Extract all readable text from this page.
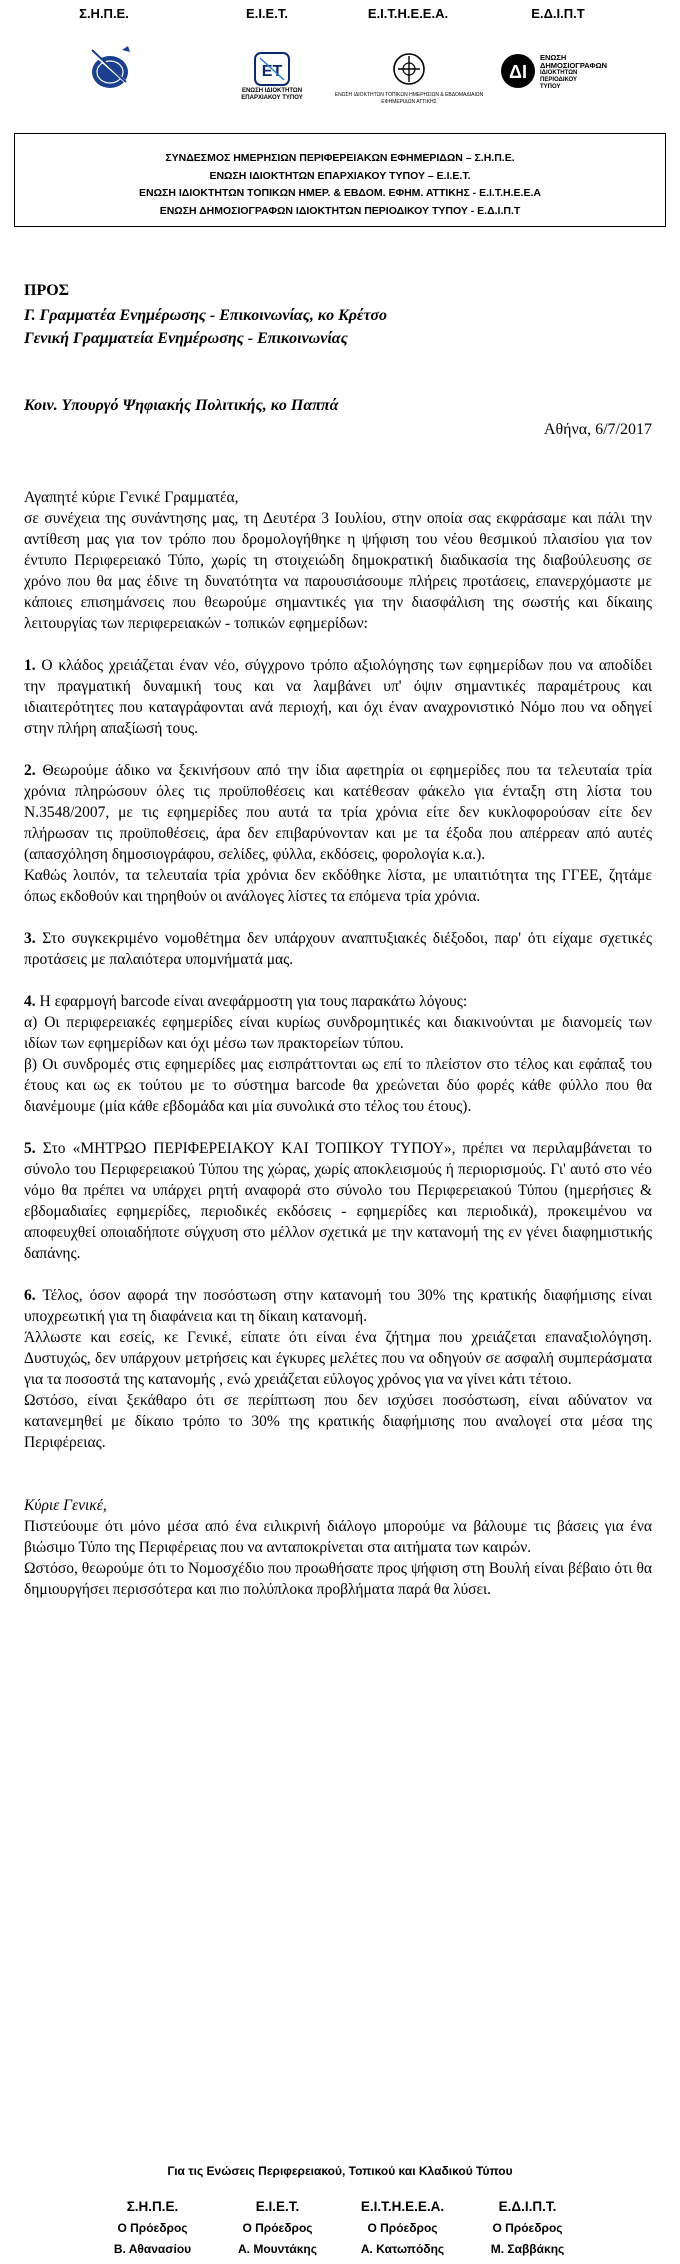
Σ.Η.Π.Ε.	Ε.Ι.Ε.Τ.	Ε.Ι.Τ.Η.Ε.Ε.Α.	Ε.Δ.Ι.Π.Τ
ΕΤ
ΕΝΩΣΗ ΙΔΙΟΚΤΗΤΩΝ
ΕΠΑΡΧΙΑΚΟΥ ΤΥΠΟΥ	ΕΝΩΣΗ ΙΔΙΟΚΤΗΤΩΝ ΤΟΠΙΚΩΝ ΗΜΕΡΗΣΙΩΝ & ΕΒΔΟΜΑΔΙΑΙΩΝ ΕΦΗΜΕΡΙΔΩΝ ΑΤΤΙΚΗΣ
ΔΙ
ΕΝΩΣΗ
ΔΗΜΟΣΙΟΓΡΑΦΩΝ
ΙΔΙΟΚΤΗΤΩΝ
ΠΕΡΙΟΔΙΚΟΥ
ΤΥΠΟΥ
ΣΥΝΔΕΣΜΟΣ ΗΜΕΡΗΣΙΩΝ ΠΕΡΙΦΕΡΕΙΑΚΩΝ ΕΦΗΜΕΡΙΔΩΝ – Σ.Η.Π.Ε.
ΕΝΩΣΗ ΙΔΙΟΚΤΗΤΩΝ ΕΠΑΡΧΙΑΚΟΥ ΤΥΠΟΥ – Ε.Ι.Ε.Τ.
ΕΝΩΣΗ ΙΔΙΟΚΤΗΤΩΝ ΤΟΠΙΚΩΝ ΗΜΕΡ. & ΕΒΔΟΜ. ΕΦΗΜ. ΑΤΤΙΚΗΣ - Ε.Ι.Τ.Η.Ε.Ε.Α
ΕΝΩΣΗ ΔΗΜΟΣΙΟΓΡΑΦΩΝ ΙΔΙΟΚΤΗΤΩΝ ΠΕΡΙΟΔΙΚΟΥ ΤΥΠΟΥ - Ε.Δ.Ι.Π.Τ
ΠΡΟΣ
Γ. Γραμματέα Ενημέρωσης - Επικοινωνίας, κο Κρέτσο
Γενική Γραμματεία Ενημέρωσης - Επικοινωνίας
Κοιν. Υπουργό Ψηφιακής Πολιτικής, κο Παππά
Αθήνα, 6/7/2017

Αγαπητέ κύριε Γενικέ Γραμματέα,

σε συνέχεια της συνάντησης μας, τη Δευτέρα 3 Ιουλίου, στην οποία σας εκφράσαμε και πάλι την αντίθεση μας για τον τρόπο που δρομολογήθηκε η ψήφιση του νέου θεσμικού πλαισίου για τον έντυπο Περιφερειακό Τύπο, χωρίς τη στοιχειώδη δημοκρατική διαδικασία της διαβούλευσης σε χρόνο που θα μας έδινε τη δυνατότητα να παρουσιάσουμε πλήρεις προτάσεις, επανερχόμαστε με κάποιες επισημάνσεις που θεωρούμε σημαντικές για την διασφάλιση της σωστής και δίκαιης λειτουργίας των περιφερειακών - τοπικών εφημερίδων:

1. Ο κλάδος χρειάζεται έναν νέο, σύγχρονο τρόπο αξιολόγησης των εφημερίδων που να αποδίδει την πραγματική δυναμική τους και να λαμβάνει υπ' όψιν σημαντικές παραμέτρους και ιδιαιτερότητες που καταγράφονται ανά περιοχή, και όχι έναν αναχρονιστικό Νόμο που να οδηγεί στην πλήρη απαξίωσή τους.

2. Θεωρούμε άδικο να ξεκινήσουν από την ίδια αφετηρία οι εφημερίδες που τα τελευταία τρία χρόνια πληρώσουν όλες τις προϋποθέσεις και κατέθεσαν φάκελο για ένταξη στη λίστα του Ν.3548/2007, με τις εφημερίδες που αυτά τα τρία χρόνια είτε δεν κυκλοφορούσαν είτε δεν πλήρωσαν τις προϋποθέσεις, άρα δεν επιβαρύνονταν και με τα έξοδα που απέρρεαν από αυτές (απασχόληση δημοσιογράφου, σελίδες, φύλλα, εκδόσεις, φορολογία κ.α.).

Καθώς λοιπόν, τα τελευταία τρία χρόνια δεν εκδόθηκε λίστα, με υπαιτιότητα της ΓΓΕΕ, ζητάμε όπως εκδοθούν και τηρηθούν οι ανάλογες λίστες τα επόμενα τρία χρόνια.

3. Στο συγκεκριμένο νομοθέτημα δεν υπάρχουν αναπτυξιακές διέξοδοι, παρ' ότι είχαμε σχετικές προτάσεις με παλαιότερα υπομνήματά μας.

4. Η εφαρμογή barcode είναι ανεφάρμοστη για τους παρακάτω λόγους:

α) Οι περιφερειακές εφημερίδες είναι κυρίως συνδρομητικές και διακινούνται με διανομείς των ιδίων των εφημερίδων και όχι μέσω των πρακτορείων τύπου.

β) Οι συνδρομές στις εφημερίδες μας εισπράττονται ως επί το πλείστον στο τέλος και εφάπαξ του έτους και ως εκ τούτου με το σύστημα barcode θα χρεώνεται δύο φορές κάθε φύλλο που θα διανέμουμε (μία κάθε εβδομάδα και μία συνολικά στο τέλος του έτους).

5. Στο «ΜΗΤΡΩΟ ΠΕΡΙΦΕΡΕΙΑΚΟΥ ΚΑΙ ΤΟΠΙΚΟΥ ΤΥΠΟΥ», πρέπει να περιλαμβάνεται το σύνολο του Περιφερειακού Τύπου της χώρας, χωρίς αποκλεισμούς ή περιορισμούς. Γι' αυτό στο νέο νόμο θα πρέπει να υπάρχει ρητή αναφορά στο σύνολο του Περιφερειακού Τύπου (ημερήσιες & εβδομαδιαίες εφημερίδες, περιοδικές εκδόσεις - εφημερίδες και περιοδικά), προκειμένου να αποφευχθεί οποιαδήποτε σύγχυση στο μέλλον σχετικά με την κατανομή της εν γένει διαφημιστικής δαπάνης.

6. Τέλος, όσον αφορά την ποσόστωση στην κατανομή του 30% της κρατικής διαφήμισης είναι υποχρεωτική για τη διαφάνεια και τη δίκαιη κατανομή.

Άλλωστε και εσείς, κε Γενικέ, είπατε ότι είναι ένα ζήτημα που χρειάζεται επαναξιολόγηση. Δυστυχώς, δεν υπάρχουν μετρήσεις και έγκυρες μελέτες που να οδηγούν σε ασφαλή συμπεράσματα για τα ποσοστά της κατανομής , ενώ χρειάζεται εύλογος χρόνος για να γίνει κάτι τέτοιο.

Ωστόσο, είναι ξεκάθαρο ότι σε περίπτωση που δεν ισχύσει ποσόστωση, είναι αδύνατον να κατανεμηθεί με δίκαιο τρόπο το 30% της κρατικής διαφήμισης που αναλογεί στα μέσα της Περιφέρειας.

Κύριε Γενικέ,

Πιστεύουμε ότι μόνο μέσα από ένα ειλικρινή διάλογο μπορούμε να βάλουμε τις βάσεις για ένα βιώσιμο Τύπο της Περιφέρειας που να ανταποκρίνεται στα αιτήματα των καιρών.

Ωστόσο, θεωρούμε ότι το Νομοσχέδιο που προωθήσατε προς ψήφιση στη Βουλή είναι βέβαιο ότι θα δημιουργήσει περισσότερα και πιο πολύπλοκα προβλήματα παρά θα λύσει.

Για τις Ενώσεις Περιφερειακού, Τοπικού και Κλαδικού Τύπου
Σ.Η.Π.Ε.	Ε.Ι.Ε.Τ.	Ε.Ι.Τ.Η.Ε.Ε.Α.	Ε.Δ.Ι.Π.Τ.
Ο Πρόεδρος	Ο Πρόεδρος	Ο Πρόεδρος	Ο Πρόεδρος
Β. Αθανασίου	Α. Μουντάκης	Α. Κατωπόδης	Μ. Σαββάκης
